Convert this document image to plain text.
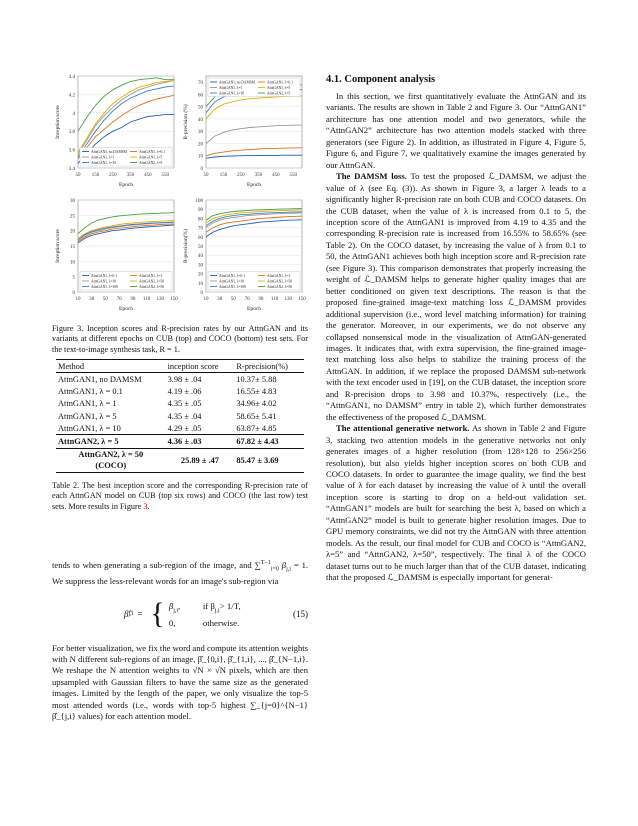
3.4
3.6
3.8
4
4.2
4.4
50 150 250 350 450 550
Epoch
Inception score
AttnGAN1, no DAMSM	AttnGAN1, λ=0.1
AttnGAN1, λ=1	AttnGAN1, λ=5
AttnGAN1, λ=10	AttnGAN2, λ=5
0
10
20
30
40
50
60
70
50 150 250 350 450 550
Epoch
R-precision (%)
AttnGAN1, no DAMSM	AttnGAN1, λ=0.1
AttnGAN1, λ=1	AttnGAN1, λ=5
AttnGAN1, λ=10	AttnGAN2, λ=5
0
5
10
15
20
25
30
10 30 50 70 90 110 130 150
Epoch
Inception score
AttnGAN1, λ=0.1	AttnGAN1, λ=1
AttnGAN1, λ=10	AttnGAN1, λ=50
AttnGAN1, λ=100	AttnGAN2, λ=50
0
10
20
30
40
50
60
70
80
90
100
10 30 50 70 90 110 130 150
Epoch
R-precision(%)
AttnGAN1, λ=0.1	AttnGAN1, λ=1
AttnGAN1, λ=10	AttnGAN1, λ=50
AttnGAN1, λ=100	AttnGAN2, λ=50

Figure 3. Inception scores and R-precision rates by our AttnGAN and its variants at different epochs on CUB (top) and COCO (bottom) test sets. For the text-to-image synthesis task, R = 1.

Method	inception score	R-precision(%)
AttnGAN1, no DAMSM	3.98 ± .04	10.37± 5.88
AttnGAN1, λ = 0.1	4.19 ± .06	16.55± 4.83
AttnGAN1, λ = 1	4.35 ± .05	34.96± 4.02
AttnGAN1, λ = 5	4.35 ± .04	58.65± 5.41
AttnGAN1, λ = 10	4.29 ± .05	63.87± 4.85
AttnGAN2, λ = 5	4.36 ± .03	67.82 ± 4.43
AttnGAN2, λ = 50
(COCO)	25.89 ± .47	85.47 ± 3.69

Table 2. The best inception score and the corresponding R-precision rate of each AttnGAN model on CUB (top six rows) and COCO (the last row) test sets. More results in Figure 3.

tends to when generating a sub-region of the image, and ∑$^{T-1}_{i=0}$ $\beta_{j,i} = 1$. We suppress the less-relevant words for an image's sub-region via

β̂ j,i = { $\beta_{j,i}$,	if $\beta_{j,i}> 1/T$,
0,	otherwise.
(15)

For better visualization, we fix the word and compute its attention weights with N different sub-regions of an image, β̂_{0,i}, β̂_{1,i}, ..., β̂_{N−1,i}. We reshape the N attention weights to √N × √N pixels, which are then upsampled with Gaussian filters to have the same size as the generated images. Limited by the length of the paper, we only visualize the top-5 most attended words (i.e., words with top-5 highest ∑_{j=0}^{N−1} β̂_{j,i} values) for each attention model.

4.1. Component analysis

In this section, we first quantitatively evaluate the AttnGAN and its variants. The results are shown in Table 2 and Figure 3. Our “AttnGAN1” architecture has one attention model and two generators, while the “AttnGAN2” architecture has two attention models stacked with three generators (see Figure 2). In addition, as illustrated in Figure 4, Figure 5, Figure 6, and Figure 7, we qualitatively examine the images generated by our AttnGAN.

The DAMSM loss. To test the proposed ℒ_DAMSM, we adjust the value of λ (see Eq. (3)). As shown in Figure 3, a larger λ leads to a significantly higher R-precision rate on both CUB and COCO datasets. On the CUB dataset, when the value of λ is increased from 0.1 to 5, the inception score of the AttnGAN1 is improved from 4.19 to 4.35 and the corresponding R-precision rate is increased from 16.55% to 58.65% (see Table 2). On the COCO dataset, by increasing the value of λ from 0.1 to 50, the AttnGAN1 achieves both high inception score and R-precision rate (see Figure 3). This comparison demonstrates that properly increasing the weight of ℒ_DAMSM helps to generate higher quality images that are better conditioned on given text descriptions. The reason is that the proposed fine-grained image-text matching loss ℒ_DAMSM provides additional supervision (i.e., word level matching information) for training the generator. Moreover, in our experiments, we do not observe any collapsed nonsensical mode in the visualization of AttnGAN-generated images. It indicates that, with extra supervision, the fine-grained image-text matching loss also helps to stabilize the training process of the AttnGAN. In addition, if we replace the proposed DAMSM sub-network with the text encoder used in [19], on the CUB dataset, the inception score and R-precision drops to 3.98 and 10.37%, respectively (i.e., the “AttnGAN1, no DAMSM” entry in table 2), which further demonstrates the effectiveness of the proposed ℒ_DAMSM.

The attentional generative network. As shown in Table 2 and Figure 3, stacking two attention models in the generative networks not only generates images of a higher resolution (from 128×128 to 256×256 resolution), but also yields higher inception scores on both CUB and COCO datasets. In order to guarantee the image quality, we find the best value of λ for each dataset by increasing the value of λ until the overall inception score is starting to drop on a held-out validation set. “AttnGAN1” models are built for searching the best λ, based on which a “AttnGAN2” model is built to generate higher resolution images. Due to GPU memory constraints, we did not try the AttnGAN with three attention models. As the result, our final model for CUB and COCO is “AttnGAN2, λ=5” and “AttnGAN2, λ=50”, respectively. The final λ of the COCO dataset turns out to be much larger than that of the CUB dataset, indicating that the proposed ℒ_DAMSM is especially important for generat-
